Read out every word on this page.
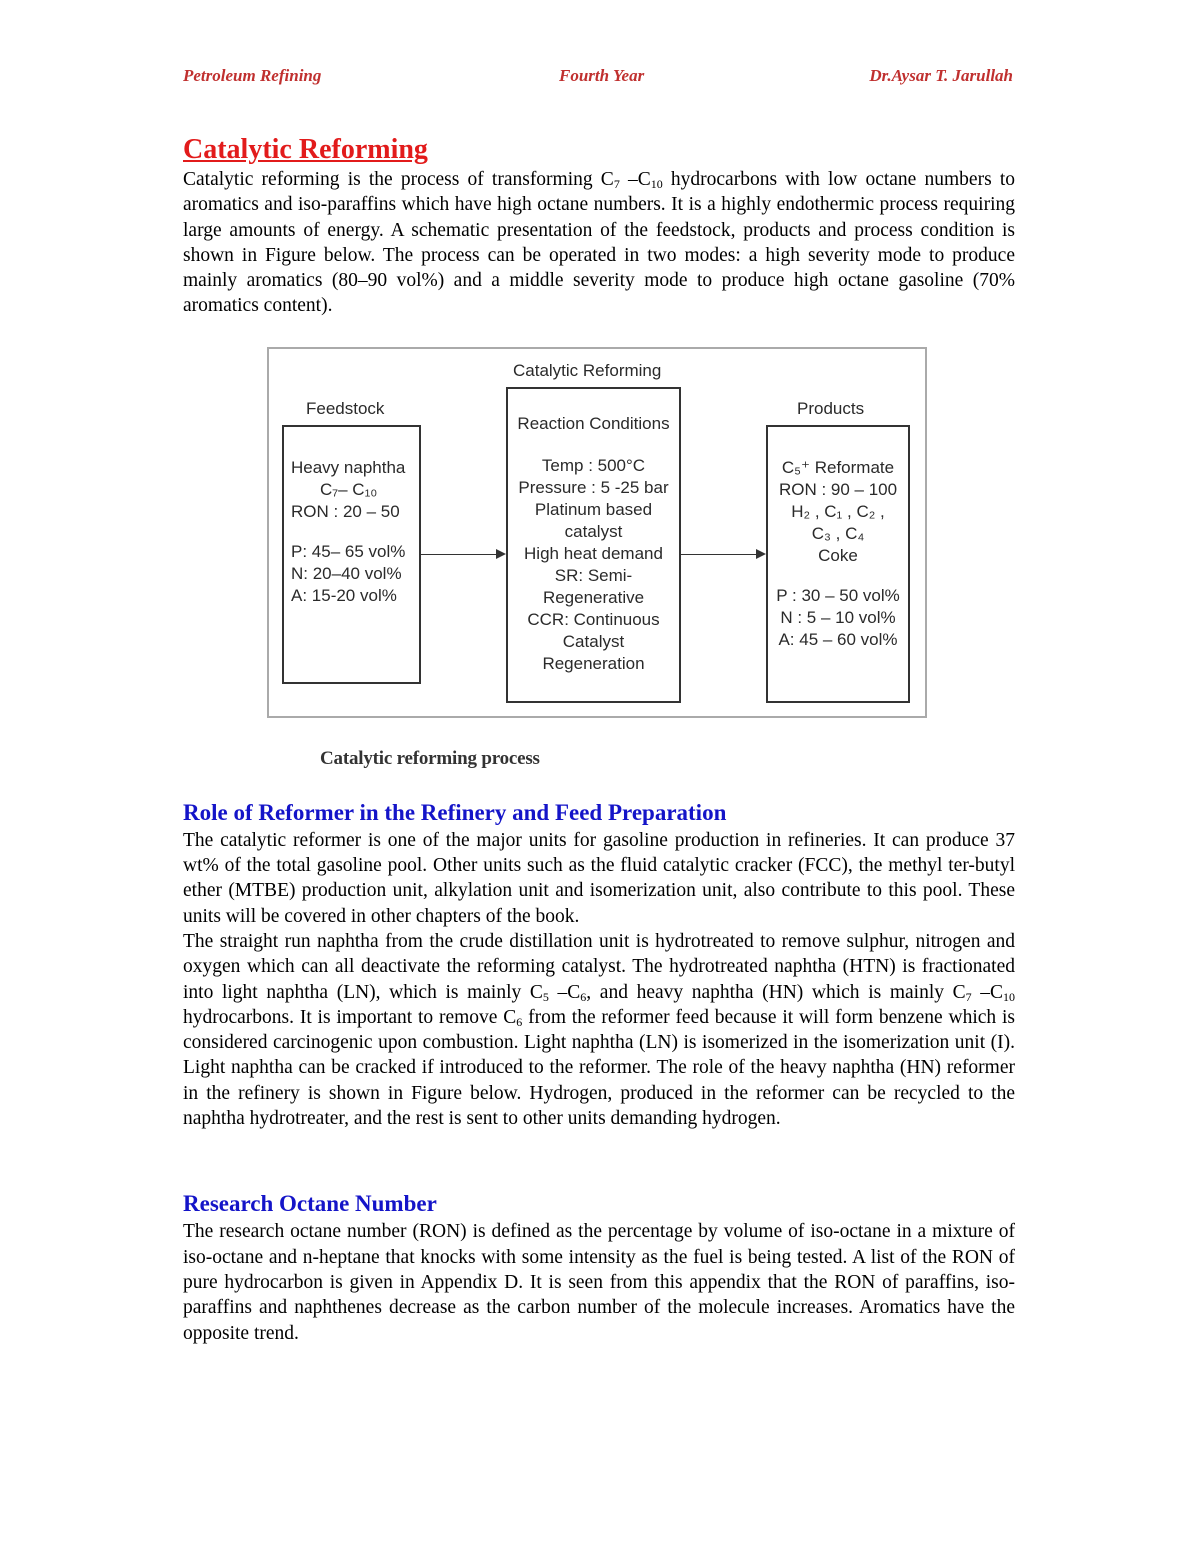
Petroleum Refining	Fourth Year	Dr.Aysar T. Jarullah
Catalytic Reforming

Catalytic reforming is the process of transforming $C_7$ $-C_{10}$ hydrocarbons with low octane numbers to aromatics and iso-paraffins which have high octane numbers. It is a highly endothermic process requiring large amounts of energy. A schematic presentation of the feedstock, products and process condition is shown in Figure below. The process can be operated in two modes: a high severity mode to produce mainly aromatics (80–90 vol%) and a middle severity mode to produce high octane gasoline (70% aromatics content).

Catalytic Reforming
Feedstock	Products
Heavy naphtha
C₇– C₁₀
RON : 20 – 50
P: 45– 65 vol%
N: 20–40 vol%
A: 15-20 vol%
Reaction Conditions
Temp : 500°C
Pressure : 5 -25 bar
Platinum based
catalyst
High heat demand
SR: Semi-
Regenerative
CCR: Continuous
Catalyst
Regeneration
C₅⁺ Reformate
RON : 90 – 100
H₂ , C₁ , C₂ ,
C₃ , C₄
Coke
P : 30 – 50 vol%
N : 5 – 10 vol%
A: 45 – 60 vol%
Catalytic reforming process
Role of Reformer in the Refinery and Feed Preparation

The catalytic reformer is one of the major units for gasoline production in refineries. It can produce 37 wt% of the total gasoline pool. Other units such as the fluid catalytic cracker (FCC), the methyl ter-butyl ether (MTBE) production unit, alkylation unit and isomerization unit, also contribute to this pool. These units will be covered in other chapters of the book.

The straight run naphtha from the crude distillation unit is hydrotreated to remove sulphur, nitrogen and oxygen which can all deactivate the reforming catalyst. The hydrotreated naphtha (HTN) is fractionated into light naphtha (LN), which is mainly $C_5$ $-C_6$, and heavy naphtha (HN) which is mainly $C_7$ $-C_{10}$ hydrocarbons. It is important to remove $C_6$ from the reformer feed because it will form benzene which is considered carcinogenic upon combustion. Light naphtha (LN) is isomerized in the isomerization unit (I). Light naphtha can be cracked if introduced to the reformer. The role of the heavy naphtha (HN) reformer in the refinery is shown in Figure below. Hydrogen, produced in the reformer can be recycled to the naphtha hydrotreater, and the rest is sent to other units demanding hydrogen.

Research Octane Number

The research octane number (RON) is defined as the percentage by volume of iso-octane in a mixture of iso-octane and n-heptane that knocks with some intensity as the fuel is being tested. A list of the RON of pure hydrocarbon is given in Appendix D. It is seen from this appendix that the RON of paraffins, iso-paraffins and naphthenes decrease as the carbon number of the molecule increases. Aromatics have the opposite trend.
